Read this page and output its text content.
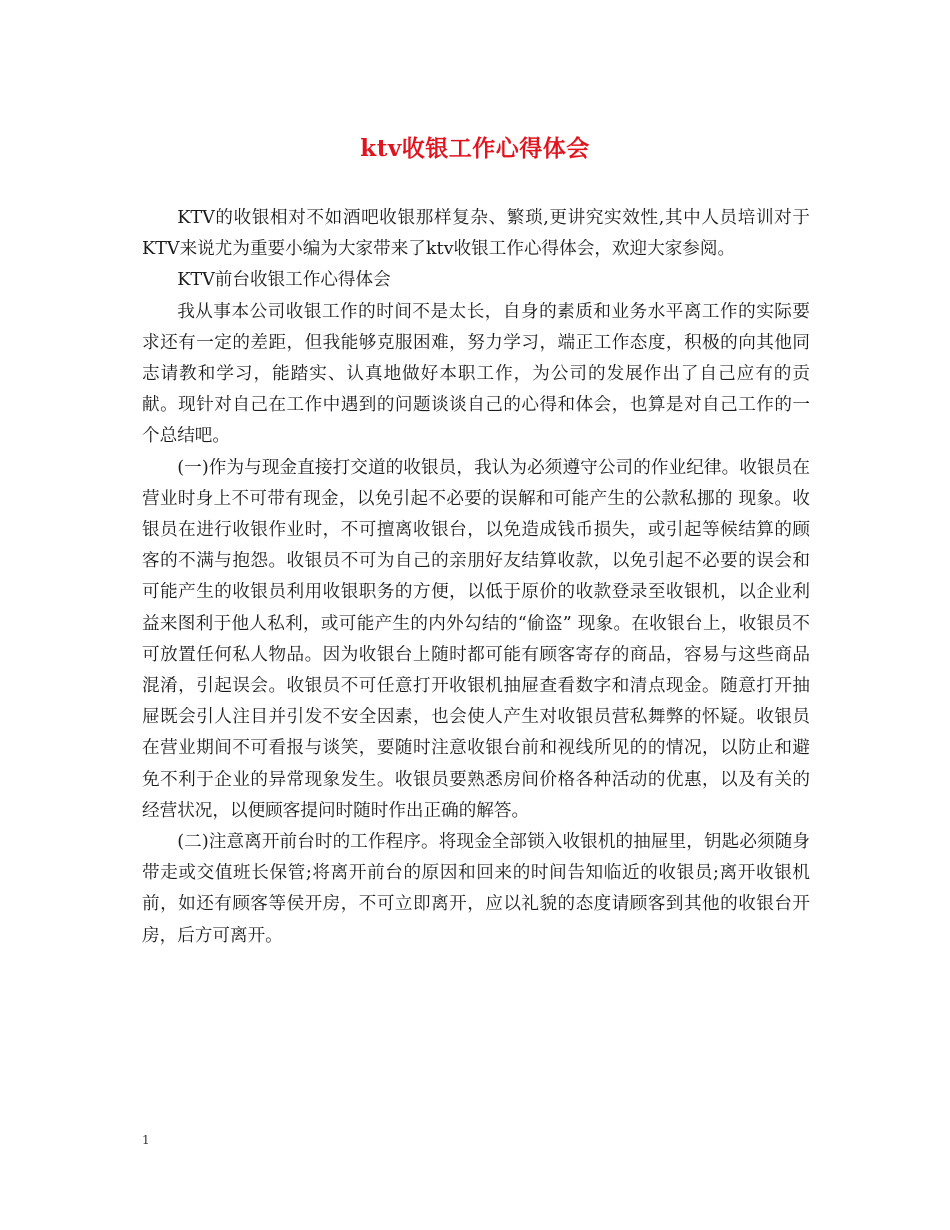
ktv收银工作心得体会

KTV的收银相对不如酒吧收银那样复杂、繁琐,更讲究实效性,其中人员培训对于KTV来说尤为重要小编为大家带来了ktv收银工作心得体会，欢迎大家参阅。

KTV前台收银工作心得体会

我从事本公司收银工作的时间不是太长，自身的素质和业务水平离工作的实际要求还有一定的差距，但我能够克服困难，努力学习，端正工作态度，积极的向其他同志请教和学习，能踏实、认真地做好本职工作，为公司的发展作出了自己应有的贡献。现针对自己在工作中遇到的问题谈谈自己的心得和体会，也算是对自己工作的一个总结吧。

(一)作为与现金直接打交道的收银员，我认为必须遵守公司的作业纪律。收银员在营业时身上不可带有现金，以免引起不必要的误解和可能产生的公款私挪的 现象。收银员在进行收银作业时，不可擅离收银台，以免造成钱币损失，或引起等候结算的顾客的不满与抱怨。收银员不可为自己的亲朋好友结算收款，以免引起不必要的误会和可能产生的收银员利用收银职务的方便，以低于原价的收款登录至收银机，以企业利益来图利于他人私利，或可能产生的内外勾结的“偷盗” 现象。在收银台上，收银员不可放置任何私人物品。因为收银台上随时都可能有顾客寄存的商品，容易与这些商品混淆，引起误会。收银员不可任意打开收银机抽屉查看数字和清点现金。随意打开抽屉既会引人注目并引发不安全因素，也会使人产生对收银员营私舞弊的怀疑。收银员在营业期间不可看报与谈笑，要随时注意收银台前和视线所见的的情况，以防止和避免不利于企业的异常现象发生。收银员要熟悉房间价格各种活动的优惠，以及有关的经营状况，以便顾客提问时随时作出正确的解答。

(二)注意离开前台时的工作程序。将现金全部锁入收银机的抽屉里，钥匙必须随身带走或交值班长保管;将离开前台的原因和回来的时间告知临近的收银员;离开收银机前，如还有顾客等侯开房，不可立即离开，应以礼貌的态度请顾客到其他的收银台开房，后方可离开。

1
